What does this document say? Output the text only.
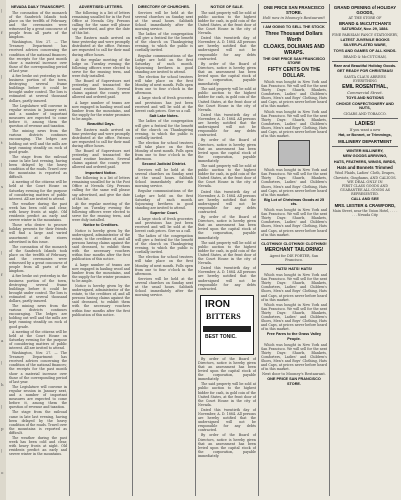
|
f
t
|
e
|
t
|
s
o
d
|
f
t
|
a
|
h
|
p
|
o
NEVADA DAILY TRANSCRIPT.

The coronation of the monarch of the Sandwich Islands took place on the twelfth of February, and the ceremonies were witnessed by a great concourse of people from all parts of the kingdom.

Washington, Nov. 27. — The Treasury Department has received advices concerning the condition of the national finances; the receipts for the past month show a material increase over those of the corresponding period of last year.

A fire broke out yesterday in the business portion of the town, destroying several frame buildings before it could be brought under control. The loss is estimated at several thousand dollars, partly insured.

The Legislature will convene in regular session in January next, and a number of important measures are expected to come before it, among them the question of revenue and taxation.

The mining news from the various districts continues encouraging. The ledges are holding out well and the mills are kept running steadily on rock of good grade.

The stage from the railroad came in late last evening, having been delayed by the heavy condition of the roads. Travel over the mountains is reported as difficult.

A meeting of the citizens will be held at the Court House on Saturday evening for the purpose of considering matters of public interest. All are invited to attend.

The weather during the past week has been cold and clear, with heavy frosts at night. Old residents predict an early and severe winter in the mountains.

Those who desire to procure holiday presents for their friends will find a large and varied assortment at the stores advertised in this issue.

The coronation of the monarch of the Sandwich Islands took place on the twelfth of February, and the ceremonies were witnessed by a great concourse of people from all parts of the kingdom.

A fire broke out yesterday in the business portion of the town, destroying several frame buildings before it could be brought under control. The loss is estimated at several thousand dollars, partly insured.

The mining news from the various districts continues encouraging. The ledges are holding out well and the mills are kept running steadily on rock of good grade.

A meeting of the citizens will be held at the Court House on Saturday evening for the purpose of considering matters of public interest. All are invited to attend.

Washington, Nov. 27. — The Treasury Department has received advices concerning the condition of the national finances; the receipts for the past month show a material increase over those of the corresponding period of last year.

The Legislature will convene in regular session in January next, and a number of important measures are expected to come before it, among them the question of revenue and taxation.

The stage from the railroad came in late last evening, having been delayed by the heavy condition of the roads. Travel over the mountains is reported as difficult.

The weather during the past week has been cold and clear, with heavy frosts at night. Old residents predict an early and severe winter in the mountains.

ADVERTISED LETTERS.

The following is a list of letters remaining uncalled for in the Post Office at Nevada City. Persons calling for the same will please say advertised, and give the date of this list.

The Eastern mails arrived on time yesterday and were promptly distributed at the office. Patrons are requested to call for their mail during office hours.

At the regular meeting of the lodge on Tuesday evening the following officers were elected to serve for the ensuing term, and were duly installed.

The Board of Supervisors met yesterday and transacted the usual routine business. Several claims against the county were allowed and ordered paid.

A large number of teams are now engaged in hauling wood and lumber from the mountains, and the supply for the winter promises to be ample.

Beautiful Days.

The Eastern mails arrived on time yesterday and were promptly distributed at the office. Patrons are requested to call for their mail during office hours.

The Board of Supervisors met yesterday and transacted the usual routine business. Several claims against the county were allowed and ordered paid.

Important Notice.

The following is a list of letters remaining uncalled for in the Post Office at Nevada City. Persons calling for the same will please say advertised, and give the date of this list.

At the regular meeting of the lodge on Tuesday evening the following officers were elected to serve for the ensuing term, and were duly installed.

Notice to Creditors.

Notice is hereby given by the undersigned, administrator of the estate, to the creditors of, and all persons having claims against the said deceased, to exhibit them with the necessary vouchers within four months after the first publication of this notice.

A large number of teams are now engaged in hauling wood and lumber from the mountains, and the supply for the winter promises to be ample.

Notice is hereby given by the undersigned, administrator of the estate, to the creditors of, and all persons having claims against the said deceased, to exhibit them with the necessary vouchers within four months after the first publication of this notice.

DIRECTORY OF CHURCHES.

Services will be held at the several churches on Sunday next at the usual hours. Sabbath School immediately after the morning service.

The ladies of the congregation will give a festival for the benefit of the church on Thanksgiving evening, to which the public is cordially invited.

Regular communications of the Lodge are held on the first Saturday of each month. Sojourning brethren in good standing are invited to attend.

The election for school trustees will take place on the first Monday of next month. Polls open from one to four o'clock in the afternoon.

A large stock of fresh groceries and provisions has just been received and will be sold at the lowest cash prices. Give us a call.

Salt Lake Notes.

The ladies of the congregation will give a festival for the benefit of the church on Thanksgiving evening, to which the public is cordially invited.

The election for school trustees will take place on the first Monday of next month. Polls open from one to four o'clock in the afternoon.

Second Judicial District.

Services will be held at the several churches on Sunday next at the usual hours. Sabbath School immediately after the morning service.

Regular communications of the Lodge are held on the first Saturday of each month. Sojourning brethren in good standing are invited to attend.

Superior Court.

A large stock of fresh groceries and provisions has just been received and will be sold at the lowest cash prices. Give us a call.

The ladies of the congregation will give a festival for the benefit of the church on Thanksgiving evening, to which the public is cordially invited.

The election for school trustees will take place on the first Monday of next month. Polls open from one to four o'clock in the afternoon.

Services will be held at the several churches on Sunday next at the usual hours. Sabbath School immediately after the morning service.

NOTICE OF SALE.

The said property will be sold at public auction to the highest bidder for cash, in gold coin of the United States, at the front door of the Court House in the city of Nevada.

Dated this twentieth day of November, A. D. 1884. All persons are hereby notified that the undersigned will not be responsible for any debts contracted.

By order of the Board of Directors, notice is hereby given that an assessment has been levied upon the capital stock of the corporation, payable immediately.

The said property will be sold at public auction to the highest bidder for cash, in gold coin of the United States, at the front door of the Court House in the city of Nevada.

Dated this twentieth day of November, A. D. 1884. All persons are hereby notified that the undersigned will not be responsible for any debts contracted.

By order of the Board of Directors, notice is hereby given that an assessment has been levied upon the capital stock of the corporation, payable immediately.

The said property will be sold at public auction to the highest bidder for cash, in gold coin of the United States, at the front door of the Court House in the city of Nevada.

Dated this twentieth day of November, A. D. 1884. All persons are hereby notified that the undersigned will not be responsible for any debts contracted.

By order of the Board of Directors, notice is hereby given that an assessment has been levied upon the capital stock of the corporation, payable immediately.

The said property will be sold at public auction to the highest bidder for cash, in gold coin of the United States, at the front door of the Court House in the city of Nevada.

Dated this twentieth day of November, A. D. 1884. All persons are hereby notified that the undersigned will not be responsible for any debts contracted.

IRON
BITTERS
BEST TONIC.

By order of the Board of Directors, notice is hereby given that an assessment has been levied upon the capital stock of the corporation, payable immediately.

The said property will be sold at public auction to the highest bidder for cash, in gold coin of the United States, at the front door of the Court House in the city of Nevada.

Dated this twentieth day of November, A. D. 1884. All persons are hereby notified that the undersigned will not be responsible for any debts contracted.

By order of the Board of Directors, notice is hereby given that an assessment has been levied upon the capital stock of the corporation, payable immediately.

ONE PRICE SAN FRANCISCO STORE.
Holt now in Mooney's Restaurant!
I AM GOING TO SELL THE STOCK
Three Thousand Dollars Worth
CLOAKS, DOLMANS AND WRAPS.
THE ONE PRICE SAN FRANCISCO STORE
FIFTY CENTS ON THE DOLLAR.

Which was bought in New York and San Francisco. We will sell for the next Thirty Days: Shawls, Blankets, Comforters, Ladies' and Children's Shoes, Men's and Boys' Clothing, Hats and Caps, at prices never before heard of in this market.

Which was bought in New York and San Francisco. We will sell for the next Thirty Days: Shawls, Blankets, Comforters, Ladies' and Children's Shoes, Men's and Boys' Clothing, Hats and Caps, at prices never before heard of in this market.

Which was bought in New York and San Francisco. We will sell for the next Thirty Days: Shawls, Blankets, Comforters, Ladies' and Children's Shoes, Men's and Boys' Clothing, Hats and Caps, at prices never before heard of in this market.

Big Lot of Christmas Goods at 25 cts.

Which was bought in New York and San Francisco. We will sell for the next Thirty Days: Shawls, Blankets, Comforters, Ladies' and Children's Shoes, Men's and Boys' Clothing, Hats and Caps, at prices never before heard of in this market.

CLOTHING! CLOTHING! CLOTHING!
MERCHANT TAILORING!
Agent for DIE PORTER, San Francisco.
HATS! HATS! HATS!

Which was bought in New York and San Francisco. We will sell for the next Thirty Days: Shawls, Blankets, Comforters, Ladies' and Children's Shoes, Men's and Boys' Clothing, Hats and Caps, at prices never before heard of in this market.

Which was bought in New York and San Francisco. We will sell for the next Thirty Days: Shawls, Blankets, Comforters, Ladies' and Children's Shoes, Men's and Boys' Clothing, Hats and Caps, at prices never before heard of in this market.

Free Fares to the Grass Valley People.

Which was bought in New York and San Francisco. We will sell for the next Thirty Days: Shawls, Blankets, Comforters, Ladies' and Children's Shoes, Men's and Boys' Clothing, Hats and Caps, at prices never before heard of in this market.

Next door to Mooney's Restaurant.
ONE PRICE SAN FRANCISCO STORE.
GRAND OPENING of HOLIDAY GOODS,
AT THE STORE OF
BRAND & McCUTCHAN'S
SATURDAY, Nov. 29, 1884.
FINE PARISIAN FANCY STATIONERY,
LATEST JUVENILE BOOKS
SILVER-PLATED WARE,
TOYS AND GAMES OF ALL KINDS.
BRAND & McCUTCHAN,
Rare and Beautiful Holiday Goods.
GET READY FOR CHRISTMAS!
SANTA CLAUS ARRIVES EVERYTHING
EMIL ROSENTHAL,
Commercial Street.
TOYS AND NOTIONS
CHOICE CONFECTIONERY AND NUTS,
CIGARS AND TOBACCO.
LADIES!
If you want a new
Hat, or Bonnet, or Trimmings,
MILLINERY DEPARTMENT
WINTER MILLINERY,
NEW GOODS ARRIVING,
HATS, FEATHERS, WINGS, BIRDS,
Hats and Bonnets Trimmed
Wool Plaids, Ladies' Cloth, Drapes, Cheviots, Ginghams, AND CALICOS.
WE DEAL ONLY IN
FIRST CLASS GOODS AND GUARANTEE ALL GOODS AS REPRESENTED.
CALL AND SEE
MRS. LESTER & CRAWFORD,
Main Street, near the Union Hotel, . . . . . . . Nevada City.
